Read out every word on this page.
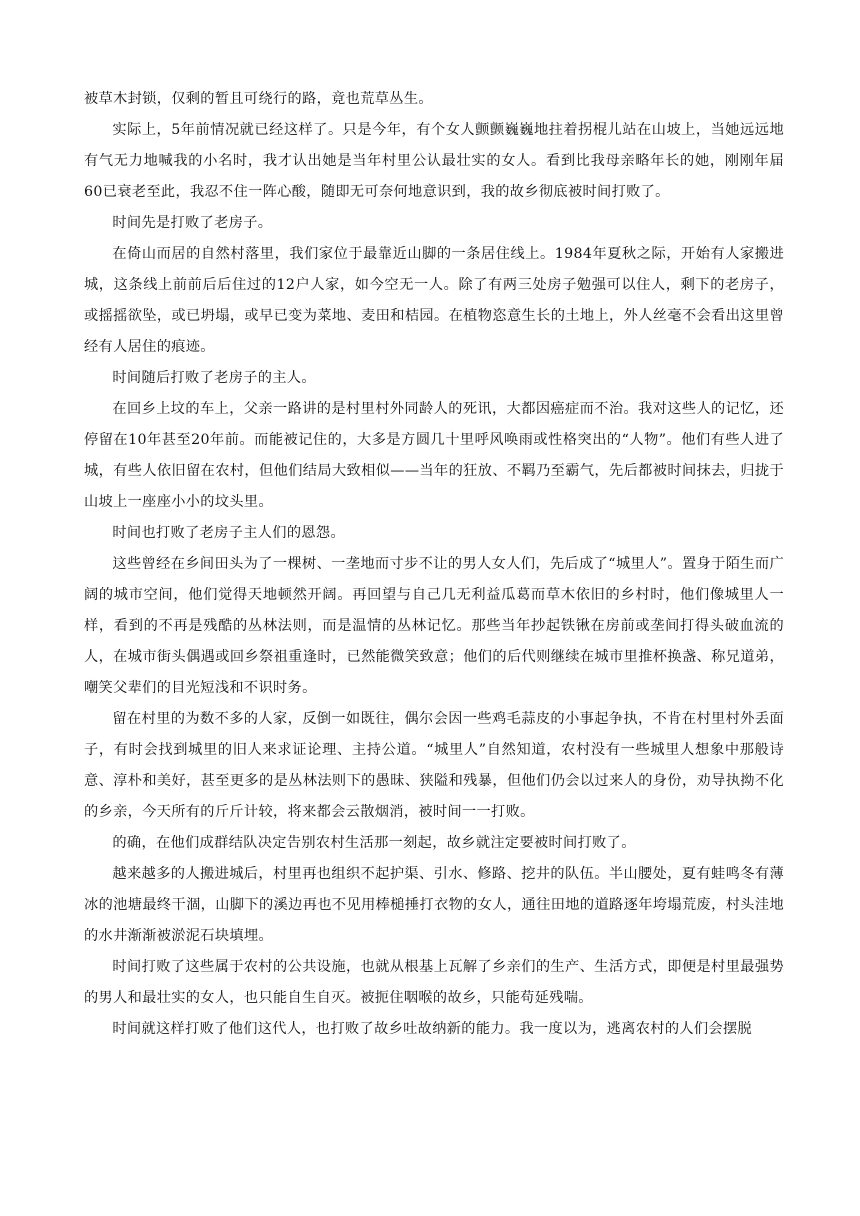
被草木封锁，仅剩的暂且可绕行的路，竟也荒草丛生。

实际上，5年前情况就已经这样了。只是今年，有个女人颤颤巍巍地拄着拐棍儿站在山坡上，当她远远地有气无力地喊我的小名时，我才认出她是当年村里公认最壮实的女人。看到比我母亲略年长的她，刚刚年届60已衰老至此，我忍不住一阵心酸，随即无可奈何地意识到，我的故乡彻底被时间打败了。

时间先是打败了老房子。

在倚山而居的自然村落里，我们家位于最靠近山脚的一条居住线上。1984年夏秋之际，开始有人家搬进城，这条线上前前后后住过的12户人家，如今空无一人。除了有两三处房子勉强可以住人，剩下的老房子，或摇摇欲坠，或已坍塌，或早已变为菜地、麦田和桔园。在植物恣意生长的土地上，外人丝毫不会看出这里曾经有人居住的痕迹。

时间随后打败了老房子的主人。

在回乡上坟的车上，父亲一路讲的是村里村外同龄人的死讯，大都因癌症而不治。我对这些人的记忆，还停留在10年甚至20年前。而能被记住的，大多是方圆几十里呼风唤雨或性格突出的“人物”。他们有些人进了城，有些人依旧留在农村，但他们结局大致相似——当年的狂放、不羁乃至霸气，先后都被时间抹去，归拢于山坡上一座座小小的坟头里。

时间也打败了老房子主人们的恩怨。

这些曾经在乡间田头为了一棵树、一垄地而寸步不让的男人女人们，先后成了“城里人”。置身于陌生而广阔的城市空间，他们觉得天地顿然开阔。再回望与自己几无利益瓜葛而草木依旧的乡村时，他们像城里人一样，看到的不再是残酷的丛林法则，而是温情的丛林记忆。那些当年抄起铁锹在房前或垄间打得头破血流的人，在城市街头偶遇或回乡祭祖重逢时，已然能微笑致意；他们的后代则继续在城市里推杯换盏、称兄道弟，嘲笑父辈们的目光短浅和不识时务。

留在村里的为数不多的人家，反倒一如既往，偶尔会因一些鸡毛蒜皮的小事起争执，不肯在村里村外丢面子，有时会找到城里的旧人来求证论理、主持公道。“城里人”自然知道，农村没有一些城里人想象中那般诗意、淳朴和美好，甚至更多的是丛林法则下的愚昧、狭隘和残暴，但他们仍会以过来人的身份，劝导执拗不化的乡亲，今天所有的斤斤计较，将来都会云散烟消，被时间一一打败。

的确，在他们成群结队决定告别农村生活那一刻起，故乡就注定要被时间打败了。

越来越多的人搬进城后，村里再也组织不起护渠、引水、修路、挖井的队伍。半山腰处，夏有蛙鸣冬有薄冰的池塘最终干涸，山脚下的溪边再也不见用棒槌捶打衣物的女人，通往田地的道路逐年垮塌荒废，村头洼地的水井渐渐被淤泥石块填埋。

时间打败了这些属于农村的公共设施，也就从根基上瓦解了乡亲们的生产、生活方式，即便是村里最强势的男人和最壮实的女人，也只能自生自灭。被扼住咽喉的故乡，只能苟延残喘。

时间就这样打败了他们这代人，也打败了故乡吐故纳新的能力。我一度以为，逃离农村的人们会摆脱
